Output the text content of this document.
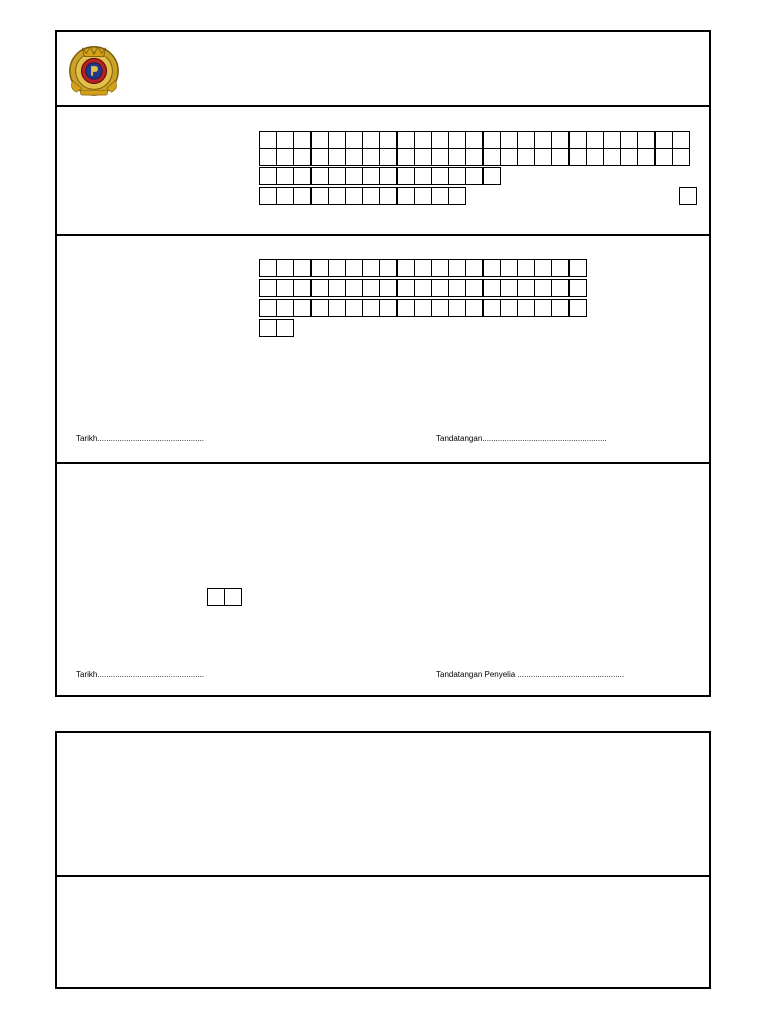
Tarikh................................................	Tandatangan........................................................
Tarikh................................................	Tandatangan Penyelia ................................................
